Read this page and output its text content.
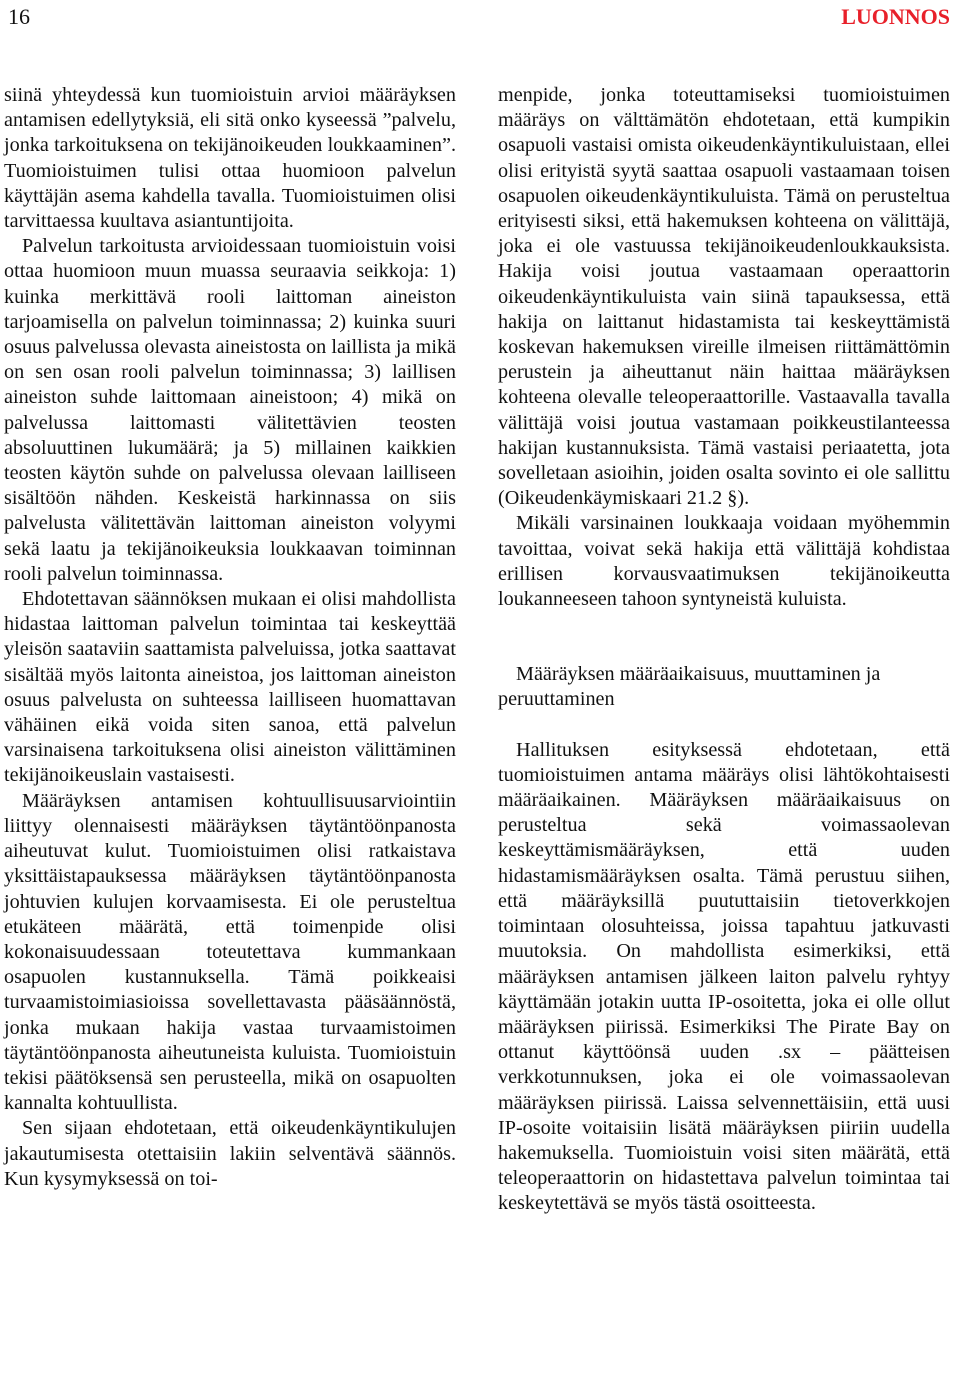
16	LUONNOS

siinä yhteydessä kun tuomioistuin arvioi määräyksen antamisen edellytyksiä, eli sitä onko kyseessä ”palvelu, jonka tarkoituksena on tekijänoikeuden loukkaaminen”. Tuomioistuimen tulisi ottaa huomioon palvelun käyttäjän asema kahdella tavalla. Tuomioistuimen olisi tarvittaessa kuultava asiantuntijoita.

Palvelun tarkoitusta arvioidessaan tuomioistuin voisi ottaa huomioon muun muassa seuraavia seikkoja: 1) kuinka merkittävä rooli laittoman aineiston tarjoamisella on palvelun toiminnassa; 2) kuinka suuri osuus palvelussa olevasta aineistosta on laillista ja mikä on sen osan rooli palvelun toiminnassa; 3) laillisen aineiston suhde laittomaan aineistoon; 4) mikä on palvelussa laittomasti välitettävien teosten absoluuttinen lukumäärä; ja 5) millainen kaikkien teosten käytön suhde on palvelussa olevaan lailliseen sisältöön nähden. Keskeistä harkinnassa on siis palvelusta välitettävän laittoman aineiston volyymi sekä laatu ja tekijänoikeuksia loukkaavan toiminnan rooli palvelun toiminnassa.

Ehdotettavan säännöksen mukaan ei olisi mahdollista hidastaa laittoman palvelun toimintaa tai keskeyttää yleisön saataviin saattamista palveluissa, jotka saattavat sisältää myös laitonta aineistoa, jos laittoman aineiston osuus palvelusta on suhteessa lailliseen huomattavan vähäinen eikä voida siten sanoa, että palvelun varsinaisena tarkoituksena olisi aineiston välittäminen tekijänoikeuslain vastaisesti.

Määräyksen antamisen kohtuullisuusarviointiin liittyy olennaisesti määräyksen täytäntöönpanosta aiheutuvat kulut. Tuomioistuimen olisi ratkaistava yksittäistapauksessa määräyksen täytäntöönpanosta johtuvien kulujen korvaamisesta. Ei ole perusteltua etukäteen määrätä, että toimenpide olisi kokonaisuudessaan toteutettava kummankaan osapuolen kustannuksella. Tämä poikkeaisi turvaamistoimiasioissa sovellettavasta pääsäännöstä, jonka mukaan hakija vastaa turvaamistoimen täytäntöönpanosta aiheutuneista kuluista. Tuomioistuin tekisi päätöksensä sen perusteella, mikä on osapuolten kannalta kohtuullista.

Sen sijaan ehdotetaan, että oikeudenkäyntikulujen jakautumisesta otettaisiin lakiin selventävä säännös. Kun kysymyksessä on toi-

menpide, jonka toteuttamiseksi tuomioistuimen määräys on välttämätön ehdotetaan, että kumpikin osapuoli vastaisi omista oikeudenkäyntikuluistaan, ellei olisi erityistä syytä saattaa osapuoli vastaamaan toisen osapuolen oikeudenkäyntikuluista. Tämä on perusteltua erityisesti siksi, että hakemuksen kohteena on välittäjä, joka ei ole vastuussa tekijänoikeudenloukkauksista. Hakija voisi joutua vastaamaan operaattorin oikeudenkäyntikuluista vain siinä tapauksessa, että hakija on laittanut hidastamista tai keskeyttämistä koskevan hakemuksen vireille ilmeisen riittämättömin perustein ja aiheuttanut näin haittaa määräyksen kohteena olevalle teleoperaattorille. Vastaavalla tavalla välittäjä voisi joutua vastamaan poikkeustilanteessa hakijan kustannuksista. Tämä vastaisi periaatetta, jota sovelletaan asioihin, joiden osalta sovinto ei ole sallittu (Oikeudenkäymiskaari 21.2 §).

Mikäli varsinainen loukkaaja voidaan myöhemmin tavoittaa, voivat sekä hakija että välittäjä kohdistaa erillisen korvausvaatimuksen tekijänoikeutta loukanneeseen tahoon syntyneistä kuluista.

Määräyksen määräaikaisuus, muuttaminen ja peruuttaminen

Hallituksen esityksessä ehdotetaan, että tuomioistuimen antama määräys olisi lähtökohtaisesti määräaikainen. Määräyksen määräaikaisuus on perusteltua sekä voimassaolevan keskeyttämismääräyksen, että uuden hidastamismääräyksen osalta. Tämä perustuu siihen, että määräyksillä puututtaisiin tietoverkkojen toimintaan olosuhteissa, joissa tapahtuu jatkuvasti muutoksia. On mahdollista esimerkiksi, että määräyksen antamisen jälkeen laiton palvelu ryhtyy käyttämään jotakin uutta IP-osoitetta, joka ei olle ollut määräyksen piirissä. Esimerkiksi The Pirate Bay on ottanut käyttöönsä uuden .sx – päätteisen verkkotunnuksen, joka ei ole voimassaolevan määräyksen piirissä. Laissa selvennettäisiin, että uusi IP-osoite voitaisiin lisätä määräyksen piiriin uudella hakemuksella. Tuomioistuin voisi siten määrätä, että teleoperaattorin on hidastettava palvelun toimintaa tai keskeytettävä se myös tästä osoitteesta.
